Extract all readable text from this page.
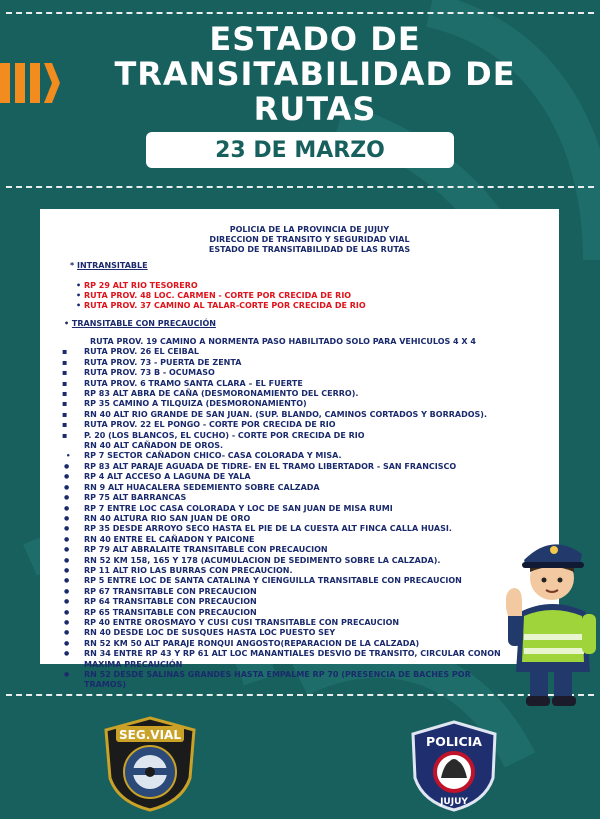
ESTADO DE
TRANSITABILIDAD DE
RUTAS
23 DE MARZO
POLICIA DE LA PROVINCIA DE JUJUY
DIRECCION DE TRANSITO Y SEGURIDAD VIAL
ESTADO DE TRANSITABILIDAD DE LAS RUTAS
* INTRANSITABLE
• RP 29 ALT RIO TESORERO
• RUTA PROV. 48 LOC. CARMEN - CORTE POR CRECIDA DE RIO
• RUTA PROV. 37 CAMINO AL TALAR-CORTE POR CRECIDA DE RIO
• TRANSITABLE CON PRECAUCIÓN
RUTA PROV. 19 CAMINO A NORMENTA PASO HABILITADO SOLO PARA VEHICULOS 4 X 4
▪ RUTA PROV. 26 EL CEIBAL
▪ RUTA PROV. 73 - PUERTA DE ZENTA
▪ RUTA PROV. 73 B - OCUMASO
▪ RUTA PROV. 6 TRAMO SANTA CLARA – EL FUERTE
▪ RP 83 ALT ABRA DE CAÑA (DESMORONAMIENTO DEL CERRO).
▪ RP 35 CAMINO A TILQUIZA (DESMORONAMIENTO)
▪ RN 40 ALT RIO GRANDE DE SAN JUAN. (SUP. BLANDO, CAMINOS CORTADOS Y BORRADOS).
▪ RUTA PROV. 22 EL PONGO - CORTE POR CRECIDA DE RIO
▪ P. 20 (LOS BLANCOS, EL CUCHO) - CORTE POR CRECIDA DE RIO
RN 40 ALT CAÑADON DE OROS.
• RP 7 SECTOR CAÑADON CHICO- CASA COLORADA Y MISA.
● RP 83 ALT PARAJE AGUADA DE TIDRE- EN EL TRAMO LIBERTADOR - SAN FRANCISCO
● RP 4 ALT ACCESO A LAGUNA DE YALA
● RN 9 ALT HUACALERA SEDEMIENTO SOBRE CALZADA
● RP 75 ALT BARRANCAS
● RP 7 ENTRE LOC CASA COLORADA Y LOC DE SAN JUAN DE MISA RUMI
● RN 40 ALTURA RIO SAN JUAN DE ORO
● RP 35 DESDE ARROYO SECO HASTA EL PIE DE LA CUESTA ALT FINCA CALLA HUASI.
● RN 40 ENTRE EL CAÑADON Y PAICONE
● RP 79 ALT ABRALAITE TRANSITABLE CON PRECAUCION
● RN 52 KM 158, 165 Y 178 (ACUMULACION DE SEDIMENTO SOBRE LA CALZADA).
● RP 11 ALT RIO LAS BURRAS CON PRECAUCION.
● RP 5 ENTRE LOC DE SANTA CATALINA Y CIENGUILLA TRANSITABLE CON PRECAUCION
● RP 67 TRANSITABLE CON PRECAUCION
● RP 64 TRANSITABLE CON PRECAUCION
● RP 65 TRANSITABLE CON PRECAUCION
● RP 40 ENTRE OROSMAYO Y CUSI CUSI TRANSITABLE CON PRECAUCION
● RN 40 DESDE LOC DE SUSQUES HASTA LOC PUESTO SEY
● RN 52 KM 50 ALT PARAJE RONQUI ANGOSTO(REPARACION DE LA CALZADA)
● RN 34 ENTRE RP 43 Y RP 61 ALT LOC MANANTIALES DESVIO DE TRANSITO, CIRCULAR CONON MAXIMA PRECAUCIÓN
● RN 52 DESDE SALINAS GRANDES HASTA EMPALME RP 70 (PRESENCIA DE BACHES POR TRAMOS)
SEG.VIAL	POLICIA
JUJUY
